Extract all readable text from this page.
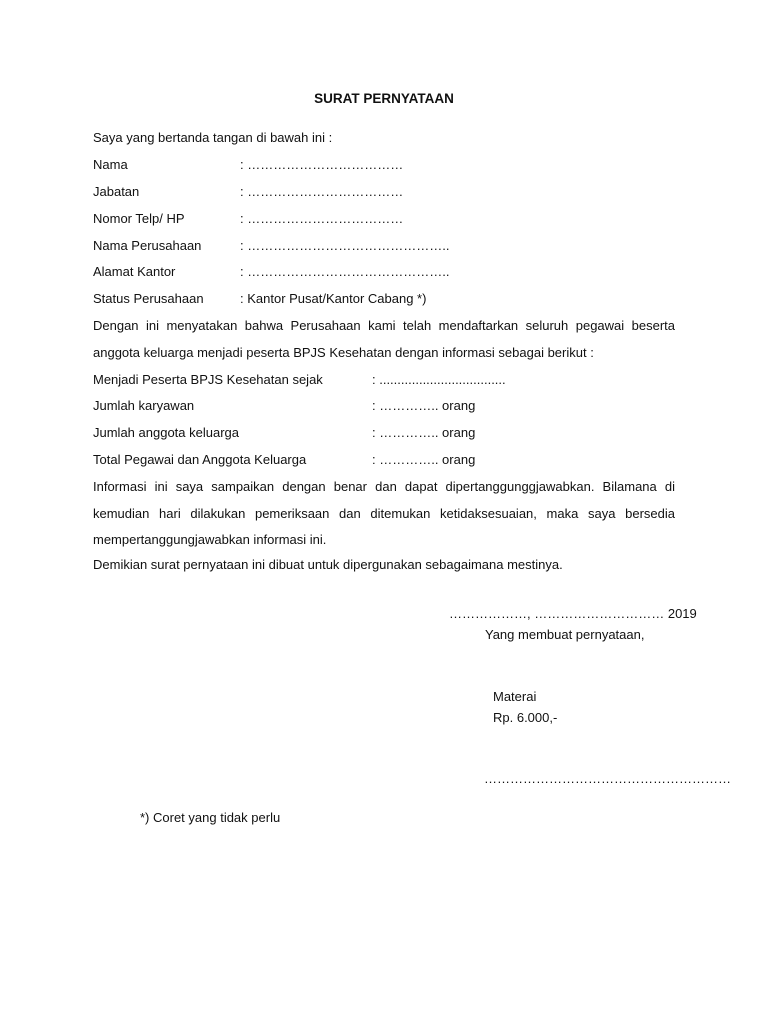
SURAT PERNYATAAN
Saya yang bertanda tangan di bawah ini :
Nama	: ………………………………
Jabatan	: ………………………………
Nomor Telp/ HP	: ………………………………
Nama Perusahaan	: ………………………………………..
Alamat Kantor	: ………………………………………..
Status Perusahaan	: Kantor Pusat/Kantor Cabang *)
Dengan ini menyatakan bahwa Perusahaan kami telah mendaftarkan seluruh pegawai beserta
anggota keluarga menjadi peserta BPJS Kesehatan dengan informasi sebagai berikut :
Menjadi Peserta BPJS Kesehatan sejak	: ...................................
Jumlah karyawan	: ………….. orang
Jumlah anggota keluarga	: ………….. orang
Total Pegawai dan Anggota Keluarga	: ………….. orang
Informasi ini saya sampaikan dengan benar dan dapat dipertanggunggjawabkan. Bilamana di
kemudian hari dilakukan pemeriksaan dan ditemukan ketidaksesuaian, maka saya bersedia
mempertanggungjawabkan informasi ini.
Demikian surat pernyataan ini dibuat untuk dipergunakan sebagaimana mestinya.
………………, ………………………… 2019
Yang membuat pernyataan,
Materai
Rp. 6.000,-
…………………………………………………
*) Coret yang tidak perlu
